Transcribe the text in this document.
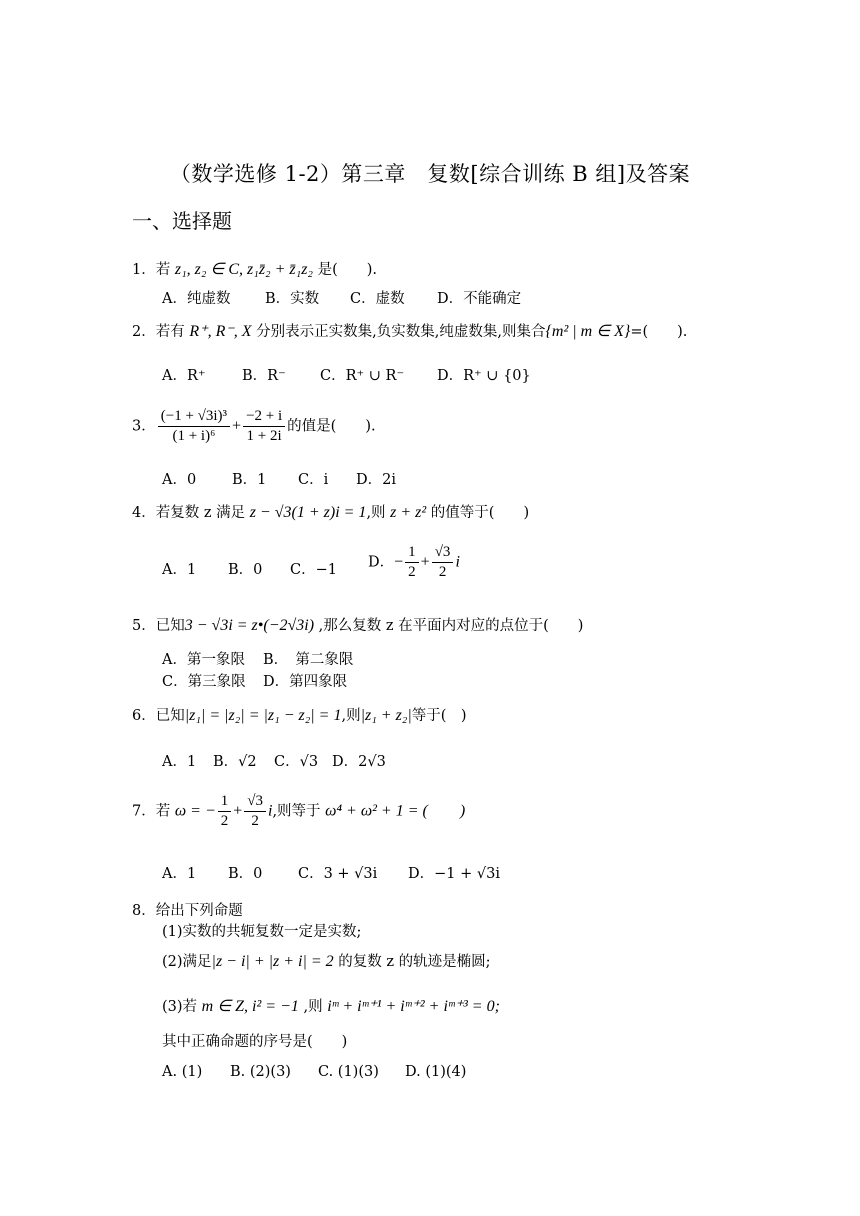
（数学选修 1-2）第三章　复数[综合训练 B 组]及答案
一、选择题
1．若 z₁, z₂ ∈ C, z₁z̄₂ + z̄₁z₂ 是(　　).
A．纯虚数 B．实数 C．虚数 D．不能确定
2．若有 R⁺, R⁻, X 分别表示正实数集,负实数集,纯虚数集,则集合{m² | m ∈ X}=(　　).
A．R⁺	B．R⁻ C．R⁺ ∪ R⁻ D．R⁺ ∪ {0}
3． $\frac{\text{(−1 + √3i)³}}{\text{(1 + i)⁶}} + \frac{-2 + i}{1 + 2i}$ 的值是(　　).
A．0 B．1 C．i D．2i
4．若复数 z 满足 z − √3(1 + z)i = 1,则 z + z² 的值等于(　　)
A．1 B．0 C．−1 D．− $\frac{1}{2} + \frac{√3}{2}$ i
5．已知3 − √3i = z•(−2√3i) ,那么复数 z 在平面内对应的点位于(　　)
A．第一象限 B．　第二象限
C．第三象限 D．第四象限
6．已知|z₁| = |z₂| = |z₁ − z₂| = 1,则|z₁ + z₂|等于(　)
A．1 B．√2 C．√3 D．2√3
7．若 ω = − $\frac{1}{2} + \frac{√3}{2} i$,则等于 ω⁴ + ω² + 1 = (　　)
A．1 B．0 C．3 + √3i D．−1 + √3i
8．给出下列命题
(1)实数的共轭复数一定是实数;
(2)满足|z − i| + |z + i| = 2 的复数 z 的轨迹是椭圆;
(3)若 m ∈ Z, i² = −1 ,则 iᵐ + iᵐ⁺¹ + iᵐ⁺² + iᵐ⁺³ = 0;
其中正确命题的序号是(　　)
A. (1) B. (2)(3) C. (1)(3) D. (1)(4)
